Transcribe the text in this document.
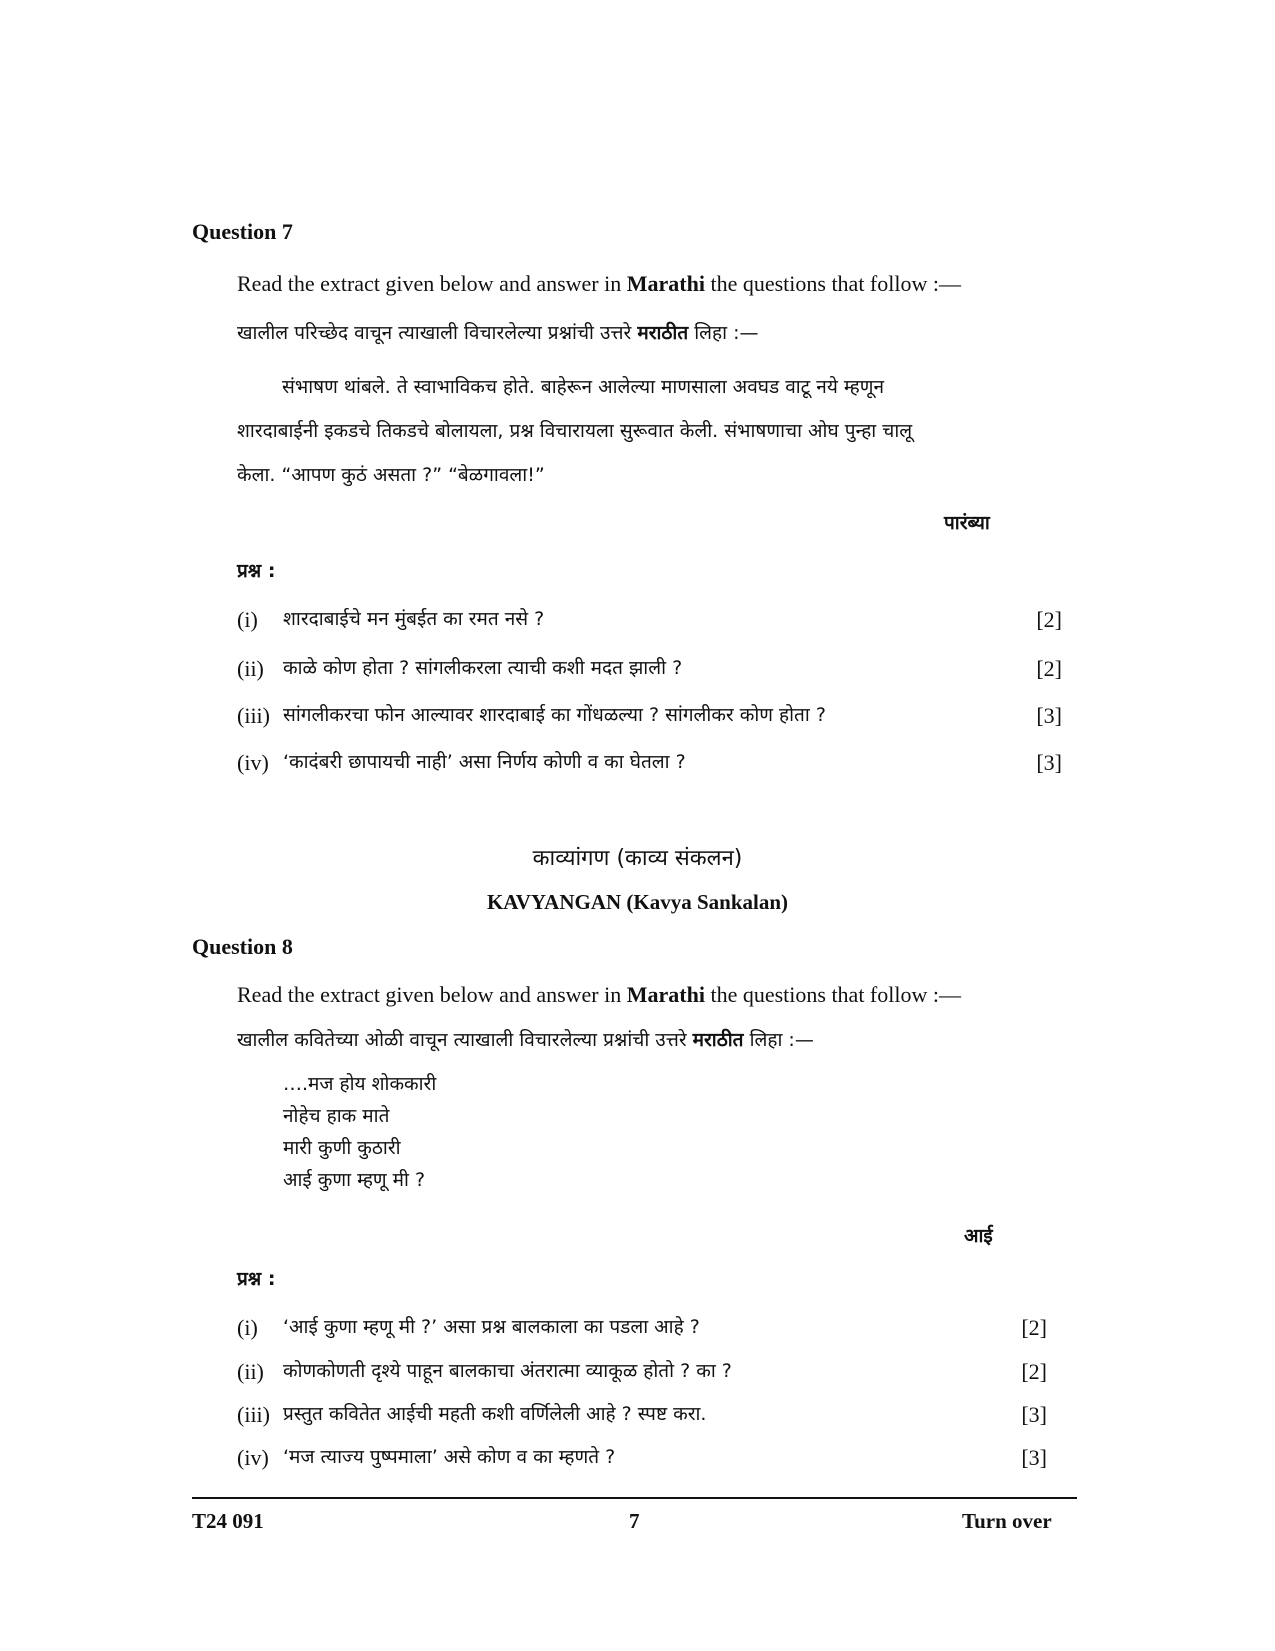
Question 7
Read the extract given below and answer in Marathi the questions that follow :—
खालील परिच्छेद वाचून त्याखाली विचारलेल्या प्रश्नांची उत्तरे मराठीत लिहा :—
संभाषण थांबले. ते स्वाभाविकच होते. बाहेरून आलेल्या माणसाला अवघड वाटू नये म्हणून
शारदाबाईनी इकडचे तिकडचे बोलायला, प्रश्न विचारायला सुरूवात केली. संभाषणाचा ओघ पुन्हा चालू
केला. “आपण कुठं असता ?” “बेळगावला!”
पारंब्या
प्रश्न :
(i) शारदाबाईचे मन मुंबईत का रमत नसे ?	[2]
(ii) काळे कोण होता ? सांगलीकरला त्याची कशी मदत झाली ?	[2]
(iii) सांगलीकरचा फोन आल्यावर शारदाबाई का गोंधळल्या ? सांगलीकर कोण होता ?	[3]
(iv) ‘कादंबरी छापायची नाही’ असा निर्णय कोणी व का घेतला ?	[3]
काव्यांगण (काव्य संकलन)
KAVYANGAN (Kavya Sankalan)
Question 8
Read the extract given below and answer in Marathi the questions that follow :—
खालील कवितेच्या ओळी वाचून त्याखाली विचारलेल्या प्रश्नांची उत्तरे मराठीत लिहा :—
….मज होय शोककारी
नोहेच हाक माते
मारी कुणी कुठारी
आई कुणा म्हणू मी ?
आई
प्रश्न :
(i) ‘आई कुणा म्हणू मी ?’ असा प्रश्न बालकाला का पडला आहे ?	[2]
(ii) कोणकोणती दृश्ये पाहून बालकाचा अंतरात्मा व्याकूळ होतो ? का ?	[2]
(iii) प्रस्तुत कवितेत आईची महती कशी वर्णिलेली आहे ? स्पष्ट करा.	[3]
(iv) ‘मज त्याज्य पुष्पमाला’ असे कोण व का म्हणते ?	[3]
T24 091	7	Turn over
